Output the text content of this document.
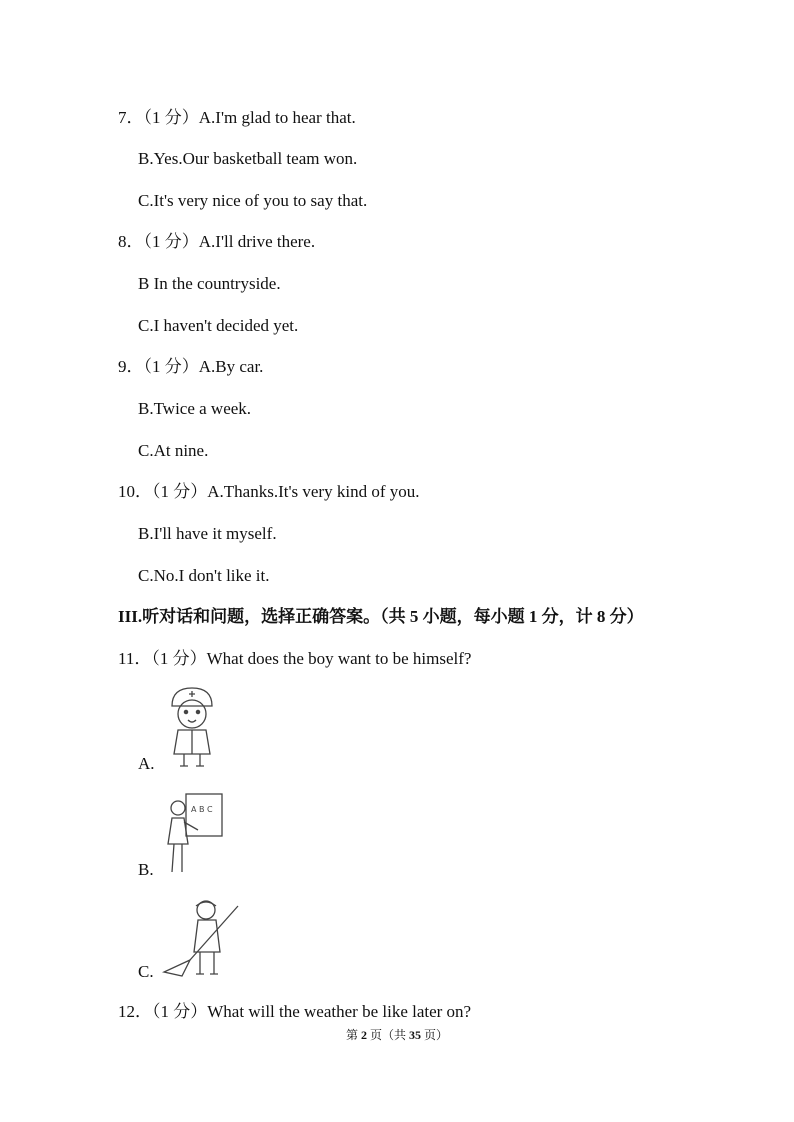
7．（1 分）A.I'm glad to hear that.
B.Yes.Our basketball team won.
C.It's very nice of you to say that.
8．（1 分）A.I'll drive there.
B In the countryside.
C.I haven't decided yet.
9．（1 分）A.By car.
B.Twice a week.
C.At nine.
10．（1 分）A.Thanks.It's very kind of you.
B.I'll have it myself.
C.No.I don't like it.
III.听对话和问题，选择正确答案。（共 5 小题，每小题 1 分，计 8 分）
11．（1 分）What does the boy want to be himself?
A.
A B C
B.
C.
12．（1 分）What will the weather be like later on?
第 2 页（共 35 页）
